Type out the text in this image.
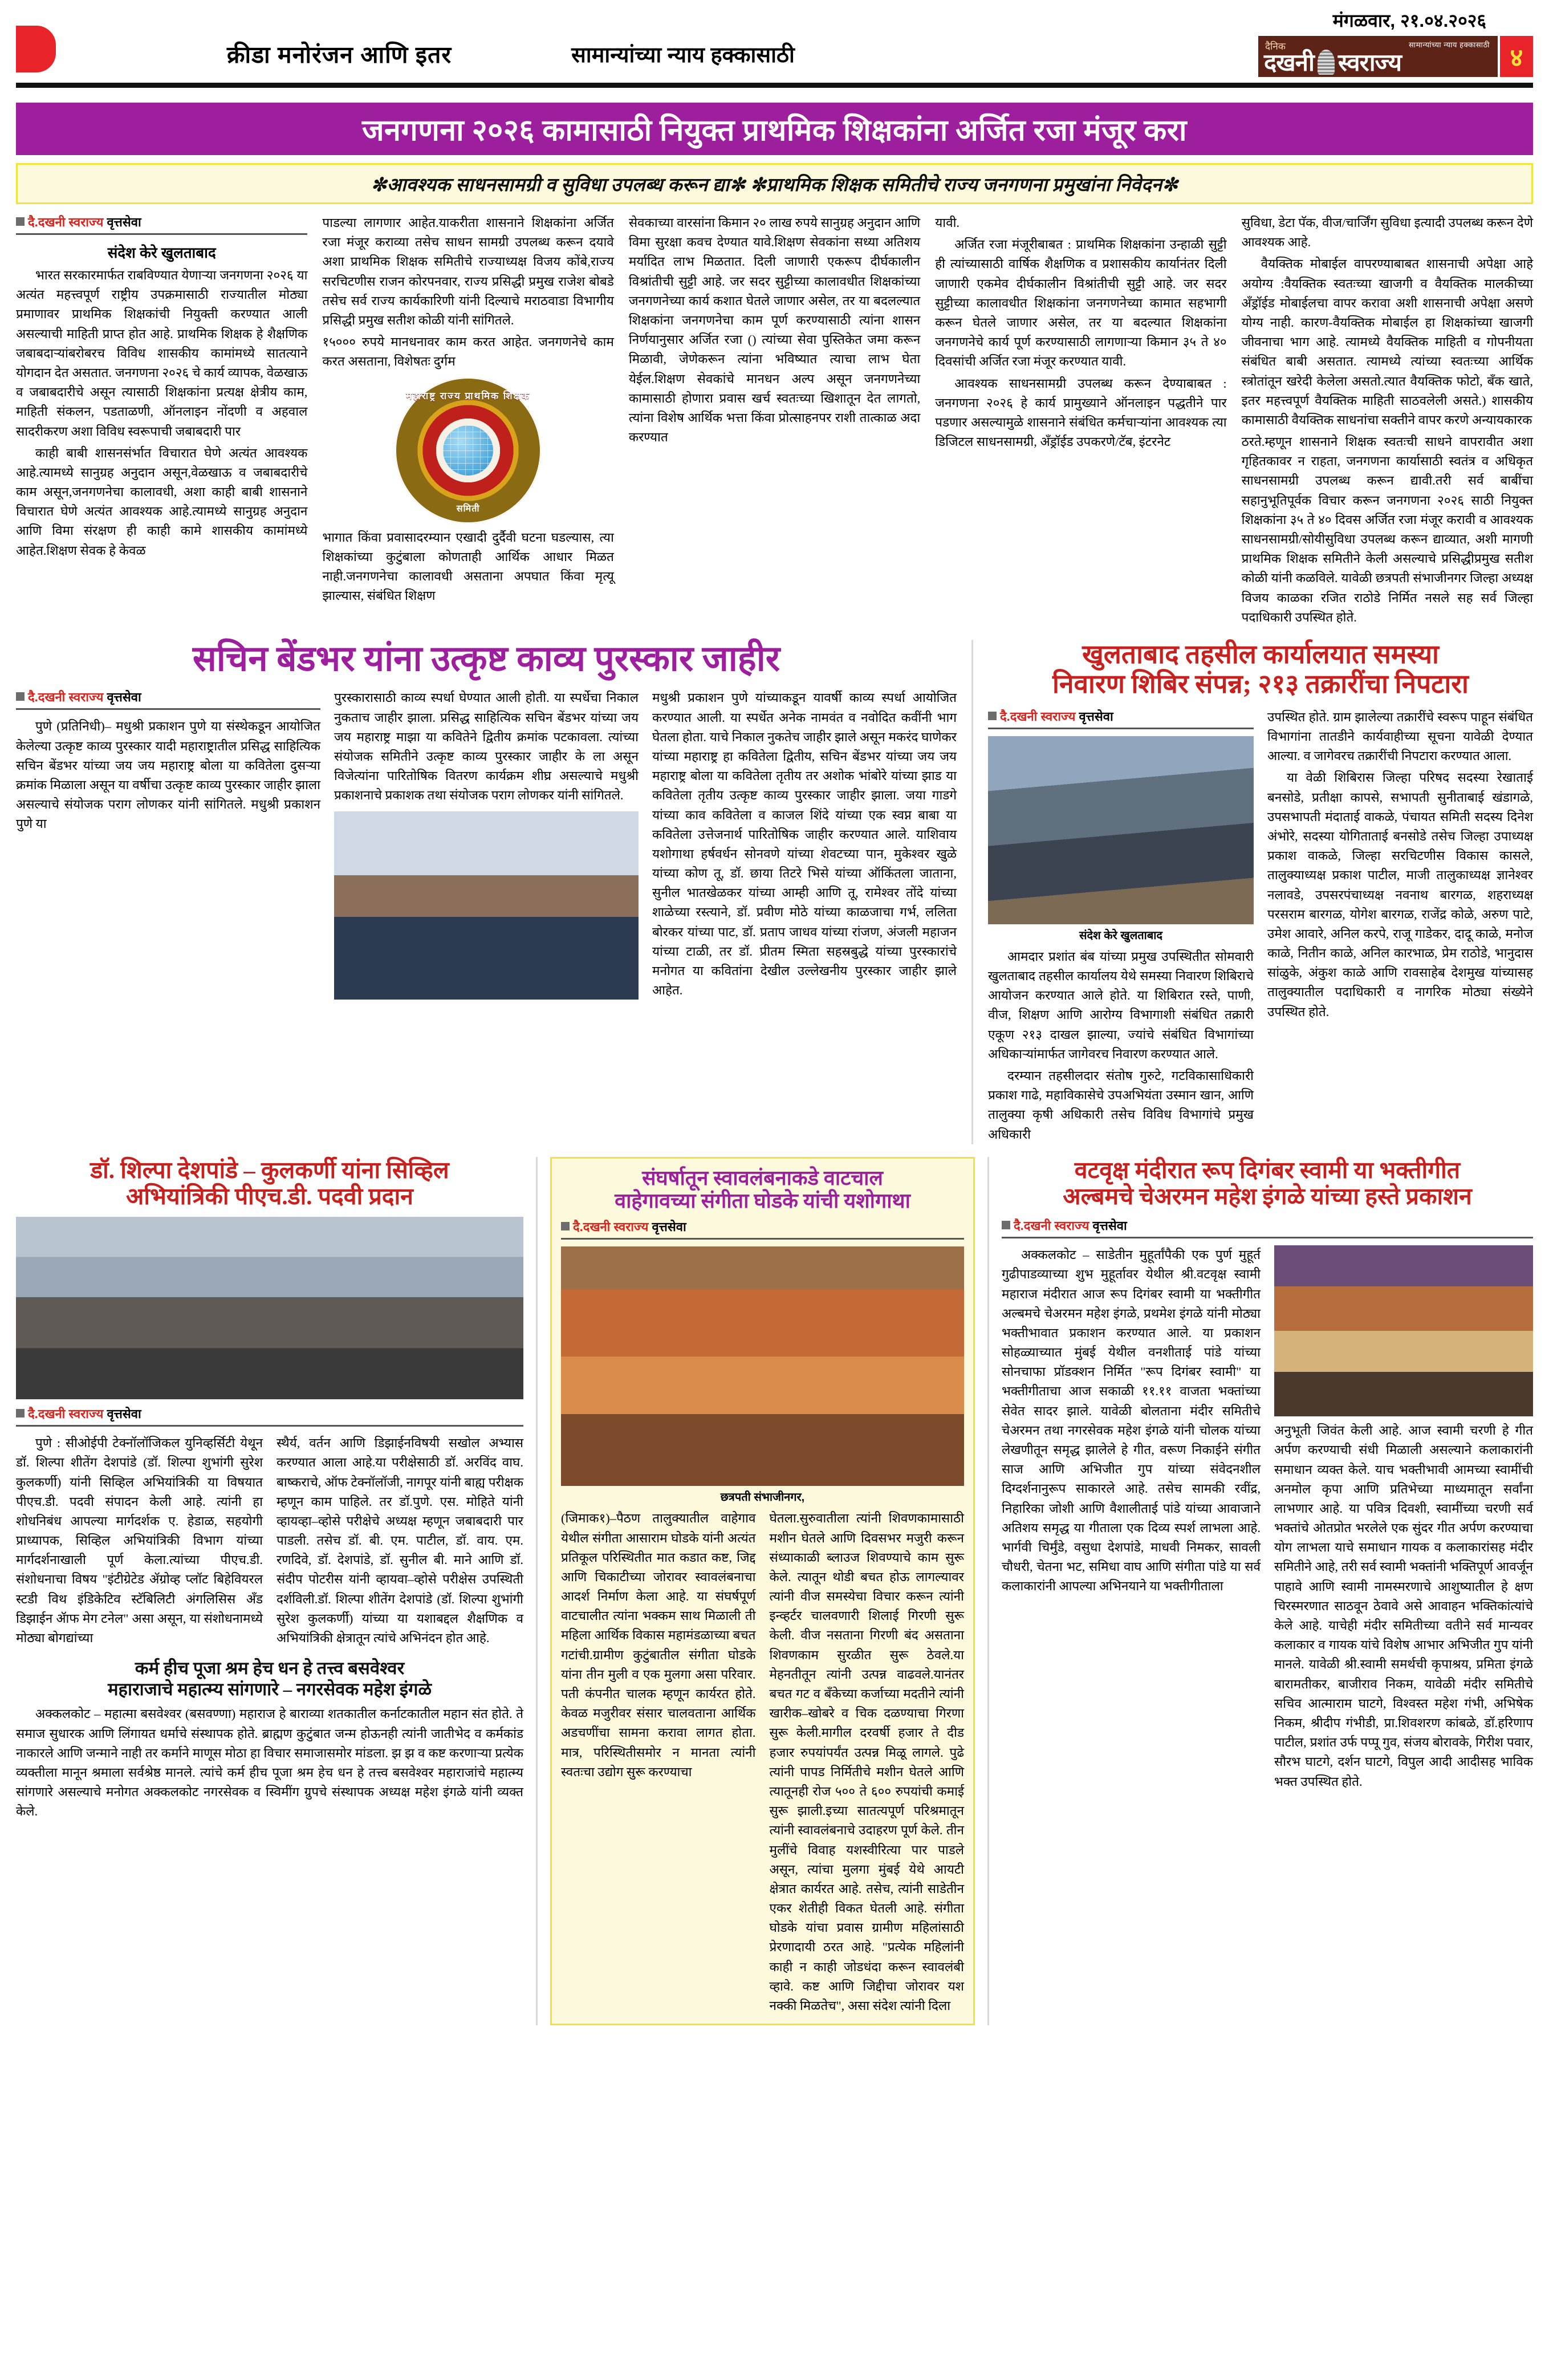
क्रीडा मनोरंजन आणि इतर	सामान्यांच्या न्याय हक्कासाठी
मंगळवार, २१.०४.२०२६
दैनिक	सामान्यांच्या न्याय हक्कासाठी
दखनी स्वराज्य	४
जनगणना २०२६ कामासाठी नियुक्त प्राथमिक शिक्षकांना अर्जित रजा मंजूर करा
✼आवश्यक साधनसामग्री व सुविधा उपलब्ध करून द्या✼ ✼प्राथमिक शिक्षक समितीचे राज्य जनगणना प्रमुखांना निवेदन✼
दै.दखनी स्वराज्य वृत्तसेवा
संदेश केरे खुलताबाद

भारत सरकारमार्फत राबविण्यात येणाऱ्या जनगणना २०२६ या अत्यंत महत्त्वपूर्ण राष्ट्रीय उपक्रमासाठी राज्यातील मोठ्या प्रमाणावर प्राथमिक शिक्षकांची नियुक्ती करण्यात आली असल्याची माहिती प्राप्त होत आहे. प्राथमिक शिक्षक हे शैक्षणिक जबाबदाऱ्यांबरोबरच विविध शासकीय कामांमध्ये सातत्याने योगदान देत असतात. जनगणना २०२६ चे कार्य व्यापक, वेळखाऊ व जबाबदारीचे असून त्यासाठी शिक्षकांना प्रत्यक्ष क्षेत्रीय काम, माहिती संकलन, पडताळणी, ऑनलाइन नोंदणी व अहवाल सादरीकरण अशा विविध स्वरूपाची जबाबदारी पार

काही बाबी शासनसंर्भात विचारात घेणे अत्यंत आवश्यक आहे.त्यामध्ये सानुग्रह अनुदान असून,वेळखाऊ व जबाबदारीचे काम असून,जनगणनेचा कालावधी, अशा काही बाबी शासनाने विचारात घेणे अत्यंत आवश्यक आहे.त्यामध्ये सानुग्रह अनुदान आणि विमा संरक्षण ही काही कामे शासकीय कामांमध्ये आहेत.शिक्षण सेवक हे केवळ

पाडल्या लागणार आहेत.याकरीता शासनाने शिक्षकांना अर्जित रजा मंजूर कराव्या तसेच साधन सामग्री उपलब्ध करून दयावे अशा प्राथमिक शिक्षक समितीचे राज्याध्यक्ष विजय कोंबे,राज्य सरचिटणीस राजन कोरपनवार, राज्य प्रसिद्धी प्रमुख राजेश बोबडे तसेच सर्व राज्य कार्यकारिणी यांनी दिल्याचे मराठवाडा विभागीय प्रसिद्धी प्रमुख सतीश कोळी यांनी सांगितले.

१५००० रुपये मानधनावर काम करत आहेत. जनगणनेचे काम करत असताना, विशेषतः दुर्गम

महाराष्ट्र राज्य प्राथमिक शिक्षक
समिती

भागात किंवा प्रवासादरम्यान एखादी दुर्दैवी घटना घडल्यास, त्या शिक्षकांच्या कुटुंबाला कोणताही आर्थिक आधार मिळत नाही.जनगणनेचा कालावधी असताना अपघात किंवा मृत्यू झाल्यास, संबंधित शिक्षण

सेवकाच्या वारसांना किमान २० लाख रुपये सानुग्रह अनुदान आणि विमा सुरक्षा कवच देण्यात यावे.शिक्षण सेवकांना सध्या अतिशय मर्यादित लाभ मिळतात. दिली जाणारी एकरूप दीर्घकालीन विश्रांतीची सुट्टी आहे. जर सदर सुट्टीच्या कालावधीत शिक्षकांच्या जनगणनेच्या कार्य कशात घेतले जाणार असेल, तर या बदलल्यात शिक्षकांना जनगणनेचा काम पूर्ण करण्यासाठी त्यांना शासन निर्णयानुसार अर्जित रजा () त्यांच्या सेवा पुस्तिकेत जमा करून मिळावी, जेणेकरून त्यांना भविष्यात त्याचा लाभ घेता येईल.शिक्षण सेवकांचे मानधन अल्प असून जनगणनेच्या कामासाठी होणारा प्रवास खर्च स्वतःच्या खिशातून देत लागतो, त्यांना विशेष आर्थिक भत्ता किंवा प्रोत्साहनपर राशी तात्काळ अदा करण्यात

यावी.

अर्जित रजा मंजूरीबाबत : प्राथमिक शिक्षकांना उन्हाळी सुट्टी ही त्यांच्यासाठी वार्षिक शैक्षणिक व प्रशासकीय कार्यानंतर दिली जाणारी एकमेव दीर्घकालीन विश्रांतीची सुट्टी आहे. जर सदर सुट्टीच्या कालावधीत शिक्षकांना जनगणनेच्या कामात सहभागी करून घेतले जाणार असेल, तर या बदल्यात शिक्षकांना जनगणनेचे कार्य पूर्ण करण्यासाठी लागणाऱ्या किमान ३५ ते ४० दिवसांची अर्जित रजा मंजूर करण्यात यावी.

आवश्यक साधनसामग्री उपलब्ध करून देण्याबाबत : जनगणना २०२६ हे कार्य प्रामुख्याने ऑनलाइन पद्धतीने पार पडणार असल्यामुळे शासनाने संबंधित कर्मचाऱ्यांना आवश्यक त्या डिजिटल साधनसामग्री, अँड्रॉईड उपकरणे/टॅब, इंटरनेट

सुविधा, डेटा पॅक, वीज/चार्जिंग सुविधा इत्यादी उपलब्ध करून देणे आवश्यक आहे.

वैयक्तिक मोबाईल वापरण्याबाबत शासनाची अपेक्षा आहे अयोग्य :वैयक्तिक स्वतःच्या खाजगी व वैयक्तिक मालकीच्या अँड्रॉईड मोबाईलचा वापर करावा अशी शासनाची अपेक्षा असणे योग्य नाही. कारण-वैयक्तिक मोबाईल हा शिक्षकांच्या खाजगी जीवनाचा भाग आहे. त्यामध्ये वैयक्तिक माहिती व गोपनीयता संबंधित बाबी असतात. त्यामध्ये त्यांच्या स्वतःच्या आर्थिक स्त्रोतांतून खरेदी केलेला असतो.त्यात वैयक्तिक फोटो, बँक खाते, इतर महत्त्वपूर्ण वैयक्तिक माहिती साठवलेली असते.) शासकीय कामासाठी वैयक्तिक साधनांचा सक्तीने वापर करणे अन्यायकारक

ठरते.म्हणून शासनाने शिक्षक स्वतःची साधने वापरावीत अशा गृहितकावर न राहता, जनगणना कार्यासाठी स्वतंत्र व अधिकृत साधनसामग्री उपलब्ध करून द्यावी.तरी सर्व बाबींचा सहानुभूतिपूर्वक विचार करून जनगणना २०२६ साठी नियुक्त शिक्षकांना ३५ ते ४० दिवस अर्जित रजा मंजूर करावी व आवश्यक साधनसामग्री/सोयीसुविधा उपलब्ध करून द्याव्यात, अशी मागणी प्राथमिक शिक्षक समितीने केली असल्याचे प्रसिद्धीप्रमुख सतीश कोळी यांनी कळविले. यावेळी छत्रपती संभाजीनगर जिल्हा अध्यक्ष विजय काळका रजित राठोडे निर्मित नसले सह सर्व जिल्हा पदाधिकारी उपस्थित होते.

सचिन बेंडभर यांना उत्कृष्ट काव्य पुरस्कार जाहीर
दै.दखनी स्वराज्य वृत्तसेवा

पुणे (प्रतिनिधी)– मधुश्री प्रकाशन पुणे या संस्थेकडून आयोजित केलेल्या उत्कृष्ट काव्य पुरस्कार यादी महाराष्ट्रातील प्रसिद्ध साहित्यिक सचिन बेंडभर यांच्या जय जय महाराष्ट्र बोला या कवितेला दुसऱ्या क्रमांक मिळाला असून या वर्षीचा उत्कृष्ट काव्य पुरस्कार जाहीर झाला असल्याचे संयोजक पराग लोणकर यांनी सांगितले. मधुश्री प्रकाशन पुणे या

पुरस्कारासाठी काव्य स्पर्धा घेण्यात आली होती. या स्पर्धेचा निकाल नुकताच जाहीर झाला. प्रसिद्ध साहित्यिक सचिन बेंडभर यांच्या जय जय महाराष्ट्र माझा या कवितेने द्वितीय क्रमांक पटकावला. त्यांच्या संयोजक समितीने उत्कृष्ट काव्य पुरस्कार जाहीर के ला असून विजेत्यांना पारितोषिक वितरण कार्यक्रम शीघ्र असल्याचे मधुश्री प्रकाशनाचे प्रकाशक तथा संयोजक पराग लोणकर यांनी सांगितले.

मधुश्री प्रकाशन पुणे यांच्याकडून यावर्षी काव्य स्पर्धा आयोजित करण्यात आली. या स्पर्धेत अनेक नामवंत व नवोदित कवींनी भाग घेतला होता. याचे निकाल नुकतेच जाहीर झाले असून मकरंद घाणेकर यांच्या महाराष्ट्र हा कवितेला द्वितीय, सचिन बेंडभर यांच्या जय जय महाराष्ट्र बोला या कवितेला तृतीय तर अशोक भांबोरे यांच्या झाड या कवितेला तृतीय उत्कृष्ट काव्य पुरस्कार जाहीर झाला. जया गाडगे यांच्या काव कवितेला व काजल शिंदे यांच्या एक स्वप्न बाबा या कवितेला उत्तेजनार्थ पारितोषिक जाहीर करण्यात आले. याशिवाय यशोगाथा हर्षवर्धन सोनवणे यांच्या शेवटच्या पान, मुकेश्वर खुळे यांच्या कोण तू, डॉ. छाया तिटरे भिसे यांच्या ऑकिंतला जाताना, सुनील भातखेळकर यांच्या आम्ही आणि तू, रामेश्वर तोंदे यांच्या शाळेच्या रस्त्याने, डॉ. प्रवीण मोठे यांच्या काळजाचा गर्भ, ललिता बोरकर यांच्या पाट, डॉ. प्रताप जाधव यांच्या रांजण, अंजली महाजन यांच्या टाळी, तर डॉ. प्रीतम स्मिता सहस्रबुद्धे यांच्या पुरस्कारांचे मनोगत या कवितांना देखील उल्लेखनीय पुरस्कार जाहीर झाले आहेत.

खुलताबाद तहसील कार्यालयात समस्या
निवारण शिबिर संपन्न; २१३ तक्रारींचा निपटारा
दै.दखनी स्वराज्य वृत्तसेवा
संदेश केरे खुलताबाद

आमदार प्रशांत बंब यांच्या प्रमुख उपस्थितीत सोमवारी खुलताबाद तहसील कार्यालय येथे समस्या निवारण शिबिराचे आयोजन करण्यात आले होते. या शिबिरात रस्ते, पाणी, वीज, शिक्षण आणि आरोग्य विभागाशी संबंधित तक्रारी एकूण २१३ दाखल झाल्या, ज्यांचे संबंधित विभागांच्या अधिकाऱ्यांमार्फत जागेवरच निवारण करण्यात आले.

दरम्यान तहसीलदार संतोष गुरुटे, गटविकासाधिकारी प्रकाश गाढे, महाविकासेचे उपअभियंता उस्मान खान, आणि तालुक्या कृषी अधिकारी तसेच विविध विभागांचे प्रमुख अधिकारी

उपस्थित होते. ग्राम झालेल्या तक्रारींचे स्वरूप पाहून संबंधित विभागांना तातडीने कार्यवाहीच्या सूचना यावेळी देण्यात आल्या. व जागेवरच तक्रारींची निपटारा करण्यात आला.

या वेळी शिबिरास जिल्हा परिषद सदस्या रेखाताई बनसोडे, प्रतीक्षा कापसे, सभापती सुनीताबाई खंडागळे, उपसभापती मंदाताई वाकळे, पंचायत समिती सदस्य दिनेश अंभोरे, सदस्या योगिताताई बनसोडे तसेच जिल्हा उपाध्यक्ष प्रकाश वाकळे, जिल्हा सरचिटणीस विकास कासले, तालुक्याध्यक्ष प्रकाश पाटील, माजी तालुकाध्यक्ष ज्ञानेश्वर नलावडे, उपसरपंचाध्यक्ष नवनाथ बारगळ, शहराध्यक्ष परसराम बारगळ, योगेश बारगळ, राजेंद्र कोळे, अरुण पाटे, उमेश आवारे, अनिल करपे, राजू गाडेकर, दादू काळे, मनोज काळे, नितीन काळे, अनिल कारभाळ, प्रेम राठोडे, भानुदास सांळुके, अंकुश काळे आणि रावसाहेब देशमुख यांच्यासह तालुक्यातील पदाधिकारी व नागरिक मोठ्या संख्येने उपस्थित होते.

डॉ. शिल्पा देशपांडे – कुलकर्णी यांना सिव्हिल
अभियांत्रिकी पीएच.डी. पदवी प्रदान
दै.दखनी स्वराज्य वृत्तसेवा

पुणे : सीओईपी टेक्नॉलॉजिकल युनिव्हर्सिटी येथून डॉ. शिल्पा शीतेंग देशपांडे (डॉ. शिल्पा शुभांगी सुरेश कुलकर्णी) यांनी सिव्हिल अभियांत्रिकी या विषयात पीएच.डी. पदवी संपादन केली आहे. त्यांनी हा शोधनिबंध आपल्या मार्गदर्शक ए. हेडाळ, सहयोगी प्राध्यापक, सिव्हिल अभियांत्रिकी विभाग यांच्या मार्गदर्शनाखाली पूर्ण केला.त्यांच्या पीएच.डी. संशोधनाचा विषय "इंटीग्रेटेड ॲग्रोव्ह प्लॉट बिहेवियरल स्टडी विथ इंडिकेटिव स्टॅबिलिटी अंगलिसिस ॲंड डिझाईन ॲाफ मेग टनेल" असा असून, या संशोधनामध्ये मोठ्या बोगद्यांच्या

स्थैर्य, वर्तन आणि डिझाईनविषयी सखोल अभ्यास करण्यात आला आहे.या परीक्षेसाठी डॉ. अरविंद वाघ. बाष्कराचे, ऑफ टेक्नॉलॉजी, नागपूर यांनी बाह्य परीक्षक म्हणून काम पाहिले. तर डॉ.पुणे. एस. मोहिते यांनी व्हायव्हा–व्होसे परीक्षेचे अध्यक्ष म्हणून जबाबदारी पार पाडली. तसेच डॉ. बी. एम. पाटील, डॉ. वाय. एम. रणदिवे, डॉ. देशपांडे, डॉ. सुनील बी. माने आणि डॉ. संदीप पोटरीस यांनी व्हायवा–व्होसे परीक्षेस उपस्थिती दर्शविली.डॉ. शिल्पा शीतेंग देशपांडे (डॉ. शिल्पा शुभांगी सुरेश कुलकर्णी) यांच्या या यशाबद्दल शैक्षणिक व अभियांत्रिकी क्षेत्रातून त्यांचे अभिनंदन होत आहे.

कर्म हीच पूजा श्रम हेच धन हे तत्त्व बसवेश्वर
महाराजाचे महात्म्य सांगणारे – नगरसेवक महेश इंगळे

अक्कलकोट – महात्मा बसवेश्वर (बसवण्णा) महाराज हे बाराव्या शतकातील कर्नाटकातील महान संत होते. ते समाज सुधारक आणि लिंगायत धर्माचे संस्थापक होते. ब्राह्मण कुटुंबात जन्म होऊनही त्यांनी जातीभेद व कर्मकांड नाकारले आणि जन्माने नाही तर कर्माने माणूस मोठा हा विचार समाजासमोर मांडला. झ झ व कष्ट करणाऱ्या प्रत्येक व्यक्तीला मानून श्रमाला सर्वश्रेष्ठ मानले. त्यांचे कर्म हीच पूजा श्रम हेच धन हे तत्त्व बसवेश्वर महाराजांचे महात्म्य सांगणारे असल्याचे मनोगत अक्कलकोट नगरसेवक व स्विमींग ग्रुपचे संस्थापक अध्यक्ष महेश इंगळे यांनी व्यक्त केले.

संघर्षातून स्वावलंबनाकडे वाटचाल
वाहेगावच्या संगीता घोडके यांची यशोगाथा
दै.दखनी स्वराज्य वृत्तसेवा
छत्रपती संभाजीनगर,

(जिमाक१)–पैठण तालुक्यातील वाहेगाव येथील संगीता आसाराम घोडके यांनी अत्यंत प्रतिकूल परिस्थितीत मात कडात कष्ट, जिद्द आणि चिकाटीच्या जोरावर स्वावलंबनाचा आदर्श निर्माण केला आहे. या संघर्षपूर्ण वाटचालीत त्यांना भक्कम साथ मिळाली ती महिला आर्थिक विकास महामंडळाच्या बचत गटांची.ग्रामीण कुटुंबातील संगीता घोडके यांना तीन मुली व एक मुलगा असा परिवार. पती कंपनीत चालक म्हणून कार्यरत होते. केवळ मजुरीवर संसार चालवताना आर्थिक अडचणींचा सामना करावा लागत होता. मात्र, परिस्थितीसमोर न मानता त्यांनी स्वतःचा उद्योग सुरू करण्याचा

घेतला.सुरुवातीला त्यांनी शिवणकामासाठी मशीन घेतले आणि दिवसभर मजुरी करून संध्याकाळी ब्लाउज शिवण्याचे काम सुरू केले. त्यातून थोडी बचत होऊ लागल्यावर त्यांनी वीज समस्येचा विचार करून त्यांनी इन्व्हर्टर चालवणारी शिलाई गिरणी सुरू केली. वीज नसताना गिरणी बंद असताना शिवणकाम सुरळीत सुरू ठेवले.या मेहनतीतून त्यांनी उत्पन्न वाढवले.यानंतर बचत गट व बँकेच्या कर्जाच्या मदतीने त्यांनी खारीक–खोबरे व चिक दळण्याचा गिरणा सुरू केली.मागील दरवर्षी हजार ते दीड हजार रुपयांपर्यंत उत्पन्न मिळू लागले. पुढे त्यांनी पापड निर्मितीचे मशीन घेतले आणि त्यातूनही रोज ५०० ते ६०० रुपयांची कमाई सुरू झाली.इच्या सातत्यपूर्ण परिश्रमातून त्यांनी स्वावलंबनाचे उदाहरण पूर्ण केले. तीन मुलींचे विवाह यशस्वीरित्या पार पाडले असून, त्यांचा मुलगा मुंबई येथे आयटी क्षेत्रात कार्यरत आहे. तसेच, त्यांनी साडेतीन एकर शेतीही विकत घेतली आहे. संगीता घोडके यांचा प्रवास ग्रामीण महिलांसाठी प्रेरणादायी ठरत आहे. "प्रत्येक महिलांनी काही न काही जोडधंदा करून स्वावलंबी व्हावे. कष्ट आणि जिद्दीचा जोरावर यश नक्की मिळतेच", असा संदेश त्यांनी दिला

वटवृक्ष मंदीरात रूप दिगंबर स्वामी या भक्तीगीत
अल्बमचे चेअरमन महेश इंगळे यांच्या हस्ते प्रकाशन
दै.दखनी स्वराज्य वृत्तसेवा

अक्कलकोट – साडेतीन मुहूर्तांपैकी एक पुर्ण मुहूर्त गुढीपाडव्याच्या शुभ मुहूर्तावर येथील श्री.वटवृक्ष स्वामी महाराज मंदीरात आज रूप दिगंबर स्वामी या भक्तीगीत अल्बमचे चेअरमन महेश इंगळे, प्रथमेश इंगळे यांनी मोठ्या भक्तीभावात प्रकाशन करण्यात आले. या प्रकाशन सोहळ्याच्यात मुंबई येथील वनशीतार्ई पांडे यांच्या सोनचाफा प्रॉडक्शन निर्मित "रूप दिगंबर स्वामी" या भक्तीगीताचा आज सकाळी ११.११ वाजता भक्तांच्या सेवेत सादर झाले. यावेळी बोलताना मंदीर समितीचे चेअरमन तथा नगरसेवक महेश इंगळे यांनी चोलक यांच्या लेखणीतून समृद्ध झालेले हे गीत, वरूण निकाईने संगीत साज आणि अभिजीत गुप यांच्या संवेदनशील दिग्दर्शनानुरूप साकारले आहे. तसेच सामकी रवींद्र, निहारिका जोशी आणि वैशालीताई पांडे यांच्या आवाजाने अतिशय समृद्ध या गीताला एक दिव्य स्पर्श लाभला आहे. भार्गवी चिर्मुंडे, वसुधा देशपांडे, माधवी निमकर, सावली चौधरी, चेतना भट, समिधा वाघ आणि संगीता पांडे या सर्व कलाकारांनी आपल्या अभिनयाने या भक्तीगीताला

अनुभूती जिवंत केली आहे. आज स्वामी चरणी हे गीत अर्पण करण्याची संधी मिळाली असल्याने कलाकारांनी समाधान व्यक्त केले. याच भक्तीभावी आमच्या स्वामींची अनमोल कृपा आणि प्रतिभेच्या माध्यमातून सर्वांना लाभणार आहे. या पवित्र दिवशी, स्वामींच्या चरणी सर्व भक्तांचे ओतप्रोत भरलेले एक सुंदर गीत अर्पण करण्याचा योग लाभला याचे समाधान गायक व कलाकारांसह मंदीर समितीने आहे, तरी सर्व स्वामी भक्तांनी भक्तिपूर्ण आवर्जून पाहावे आणि स्वामी नामस्मरणाचे आशुष्यातील हे क्षण चिरस्मरणात साठवून ठेवावे असे आवाहन भक्तिकांत्यांचे केले आहे. याचेही मंदीर समितीच्या वतीने सर्व मान्यवर कलाकार व गायक यांचे विशेष आभार अभिजीत गुप यांनी मानले. यावेळी श्री.स्वामी समर्थची कृपाश्रय, प्रमिता इंगळे बारामतीकर, बाजीराव निकम, यावेळी मंदीर समितीचे सचिव आत्माराम घाटगे, विश्वस्त महेश गंभी, अभिषेक निकम, श्रीदीप गंभीडी, प्रा.शिवशरण कांबळे, डॉ.हरिणाप पाटील, प्रशांत उर्फ पप्पू गुव, संजय बोरावके, गिरीश पवार, सौरभ घाटगे, दर्शन घाटगे, विपुल आदी आदीसह भाविक भक्त उपस्थित होते.
